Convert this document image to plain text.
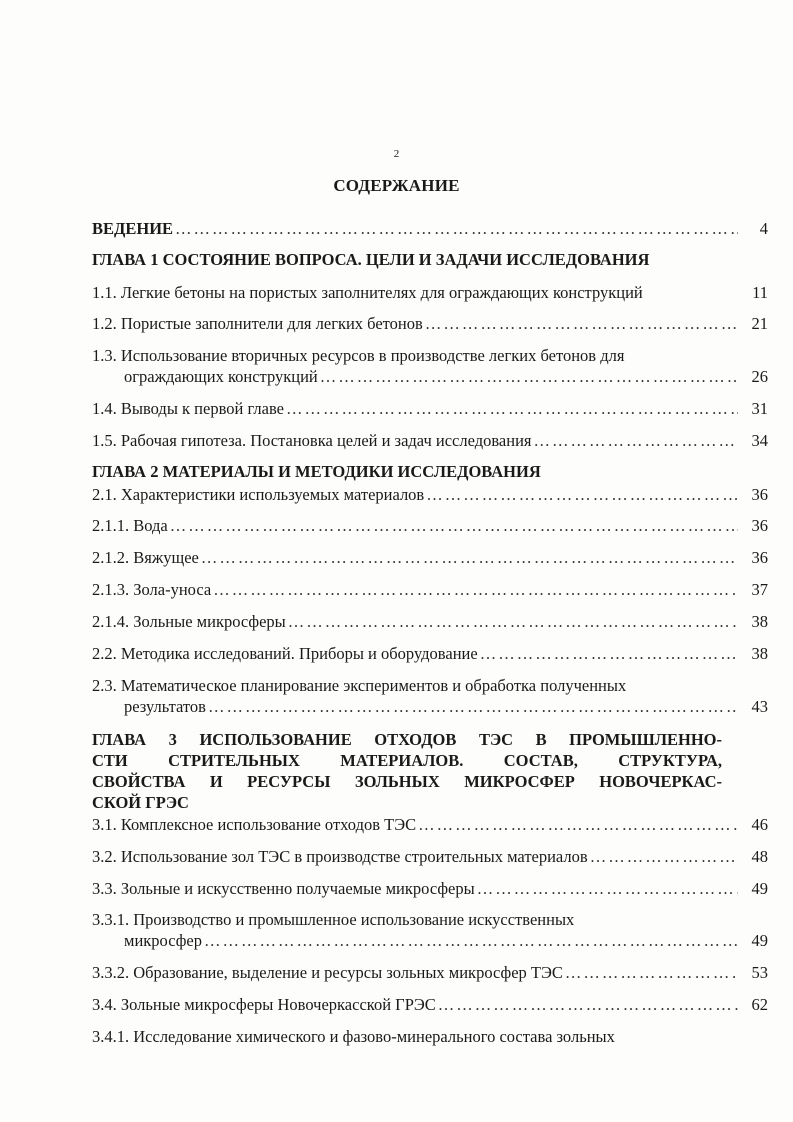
2
СОДЕРЖАНИЕ
ВЕДЕНИЕ ………………………………………………………………………………………………………………………………………………………………………………	4
ГЛАВА 1 СОСТОЯНИЕ ВОПРОСА. ЦЕЛИ И ЗАДАЧИ ИССЛЕДОВАНИЯ
1.1. Легкие бетоны на пористых заполнителях для ограждающих конструкций	11
1.2. Пористые заполнители для легких бетонов ………………………………………………………………………………………………………………………………………………………………………………	21
1.3. Использование вторичных ресурсов в производстве легких бетонов для
ограждающих конструкций ………………………………………………………………………………………………………………………………………………………………………………	26
1.4. Выводы к первой главе ………………………………………………………………………………………………………………………………………………………………………………	31
1.5. Рабочая гипотеза. Постановка целей и задач исследования ………………………………………………………………………………………………………………………………………………………………………………	34
ГЛАВА 2 МАТЕРИАЛЫ И МЕТОДИКИ ИССЛЕДОВАНИЯ
2.1. Характеристики используемых материалов ………………………………………………………………………………………………………………………………………………………………………………	36
2.1.1. Вода ………………………………………………………………………………………………………………………………………………………………………………	36
2.1.2. Вяжущее ………………………………………………………………………………………………………………………………………………………………………………	36
2.1.3. Зола-уноса ………………………………………………………………………………………………………………………………………………………………………………	37
2.1.4. Зольные микросферы ………………………………………………………………………………………………………………………………………………………………………………	38
2.2. Методика исследований. Приборы и оборудование ………………………………………………………………………………………………………………………………………………………………………………	38
2.3. Математическое планирование экспериментов и обработка полученных
результатов ………………………………………………………………………………………………………………………………………………………………………………	43
ГЛАВА 3 ИСПОЛЬЗОВАНИЕ ОТХОДОВ ТЭС В ПРОМЫШЛЕННО-
СТИ СТРИТЕЛЬНЫХ МАТЕРИАЛОВ. СОСТАВ, СТРУКТУРА,
СВОЙСТВА И РЕСУРСЫ ЗОЛЬНЫХ МИКРОСФЕР НОВОЧЕРКАС-
СКОЙ ГРЭС
3.1. Комплексное использование отходов ТЭС ………………………………………………………………………………………………………………………………………………………………………………	46
3.2. Использование зол ТЭС в производстве строительных материалов ………………………………………………………………………………………………………………………………………………………………………………	48
3.3. Зольные и искусственно получаемые микросферы ………………………………………………………………………………………………………………………………………………………………………………	49
3.3.1. Производство и промышленное использование искусственных
микросфер ………………………………………………………………………………………………………………………………………………………………………………	49
3.3.2. Образование, выделение и ресурсы зольных микросфер ТЭС ………………………………………………………………………………………………………………………………………………………………………………	53
3.4. Зольные микросферы Новочеркасской ГРЭС ………………………………………………………………………………………………………………………………………………………………………………	62
3.4.1. Исследование химического и фазово-минерального состава зольных
